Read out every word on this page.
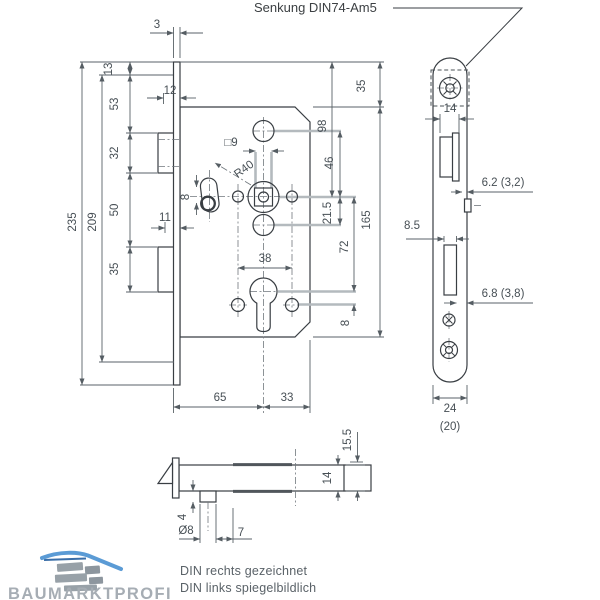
3
13
53
32
50
35
209
235
12
11
8
□9
R40
38
65	33
98
46
21.5
72
8
35
165
14
6.2 (3,2)
8.5
6.8 (3,8)
24
(20)
Senkung DIN74-Am5
15.5
14
4
Ø8	7
BAUMARKTPROFI
DIN rechts gezeichnet
DIN links spiegelbildlich
